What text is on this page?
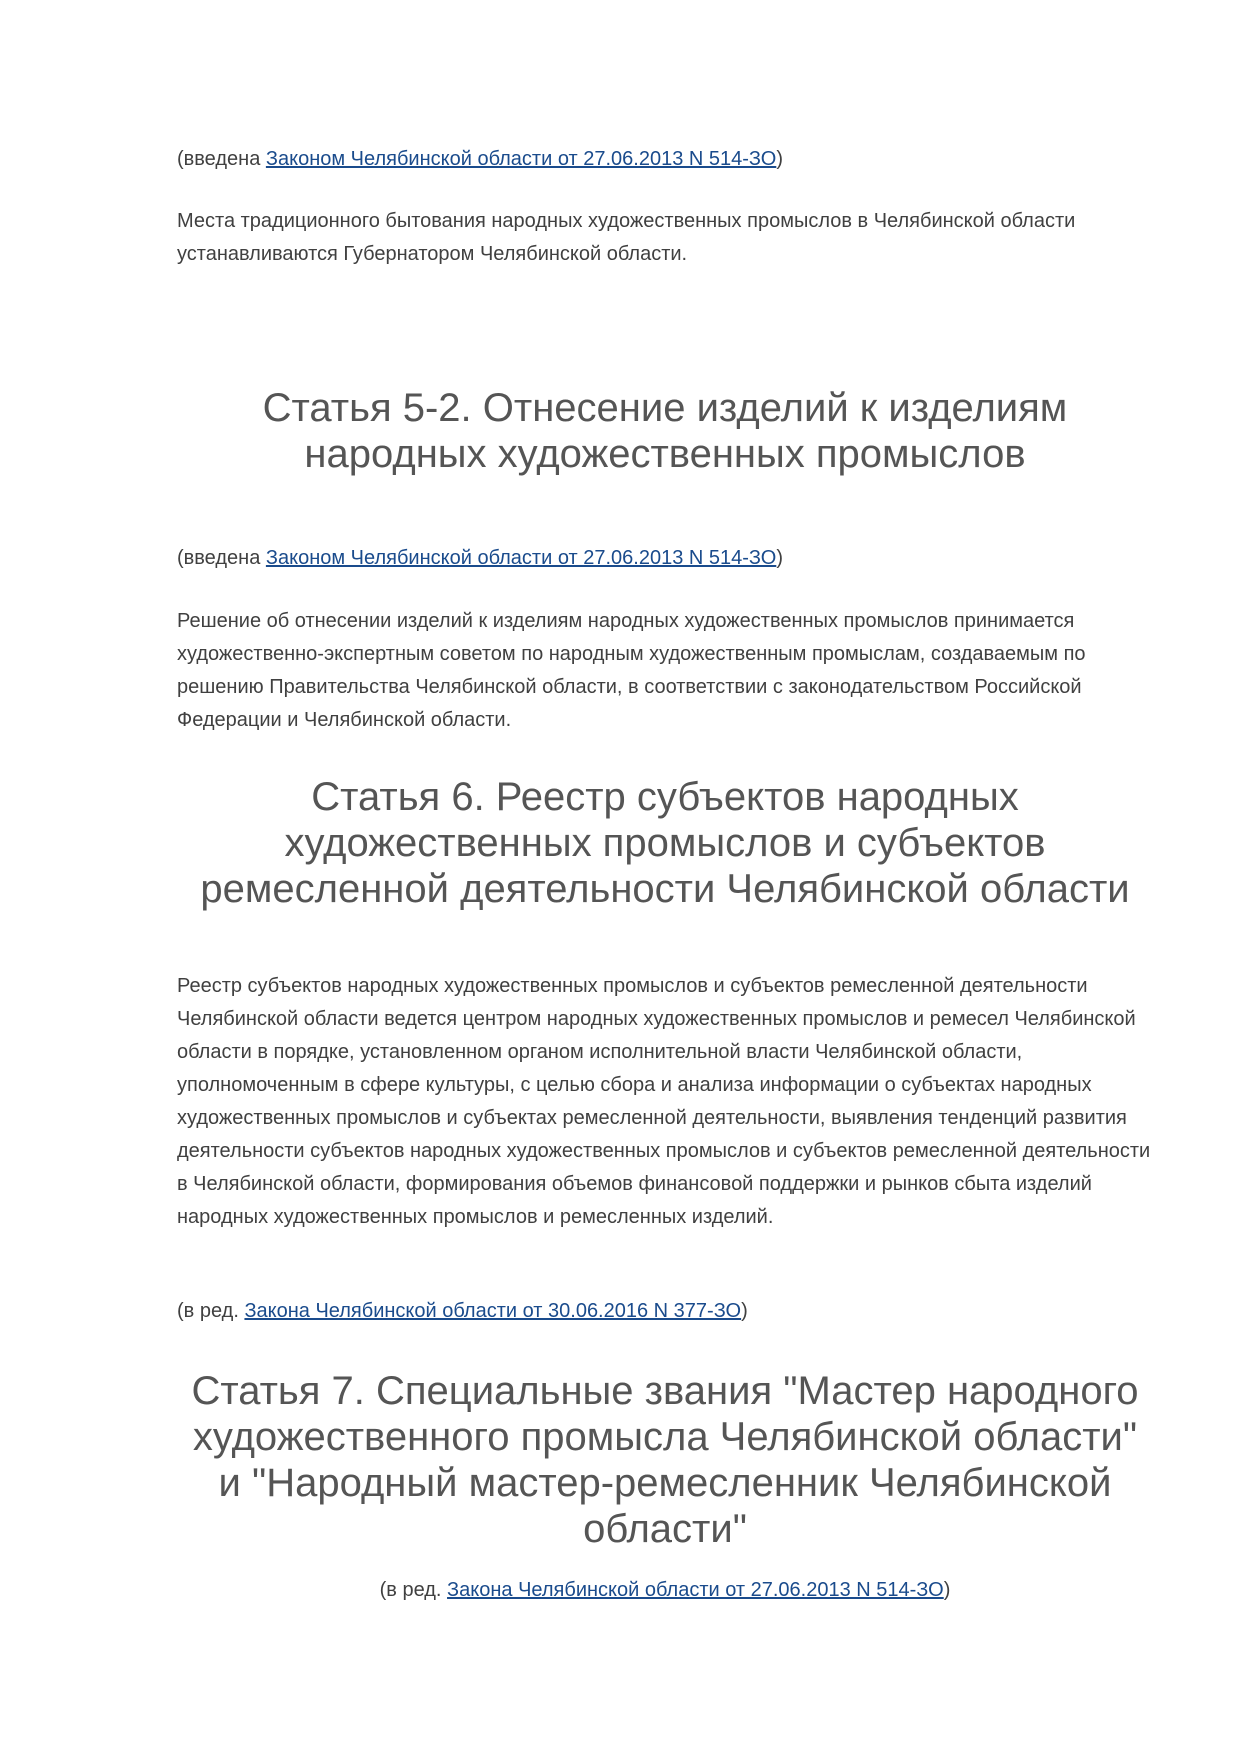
(введена Законом Челябинской области от 27.06.2013 N 514-ЗО)

Места традиционного бытования народных художественных промыслов в Челябинской области устанавливаются Губернатором Челябинской области.

Статья 5-2. Отнесение изделий к изделиям
народных художественных промыслов

(введена Законом Челябинской области от 27.06.2013 N 514-ЗО)

Решение об отнесении изделий к изделиям народных художественных промыслов принимается художественно-экспертным советом по народным художественным промыслам, создаваемым по решению Правительства Челябинской области, в соответствии с законодательством Российской Федерации и Челябинской области.

Статья 6. Реестр субъектов народных
художественных промыслов и субъектов
ремесленной деятельности Челябинской области

Реестр субъектов народных художественных промыслов и субъектов ремесленной деятельности Челябинской области ведется центром народных художественных промыслов и ремесел Челябинской области в порядке, установленном органом исполнительной власти Челябинской области, уполномоченным в сфере культуры, с целью сбора и анализа информации о субъектах народных художественных промыслов и субъектах ремесленной деятельности, выявления тенденций развития деятельности субъектов народных художественных промыслов и субъектов ремесленной деятельности в Челябинской области, формирования объемов финансовой поддержки и рынков сбыта изделий народных художественных промыслов и ремесленных изделий.

(в ред. Закона Челябинской области от 30.06.2016 N 377-ЗО)

Статья 7. Специальные звания "Мастер народного
художественного промысла Челябинской области"
и "Народный мастер-ремесленник Челябинской
области"

(в ред. Закона Челябинской области от 27.06.2013 N 514-ЗО)
